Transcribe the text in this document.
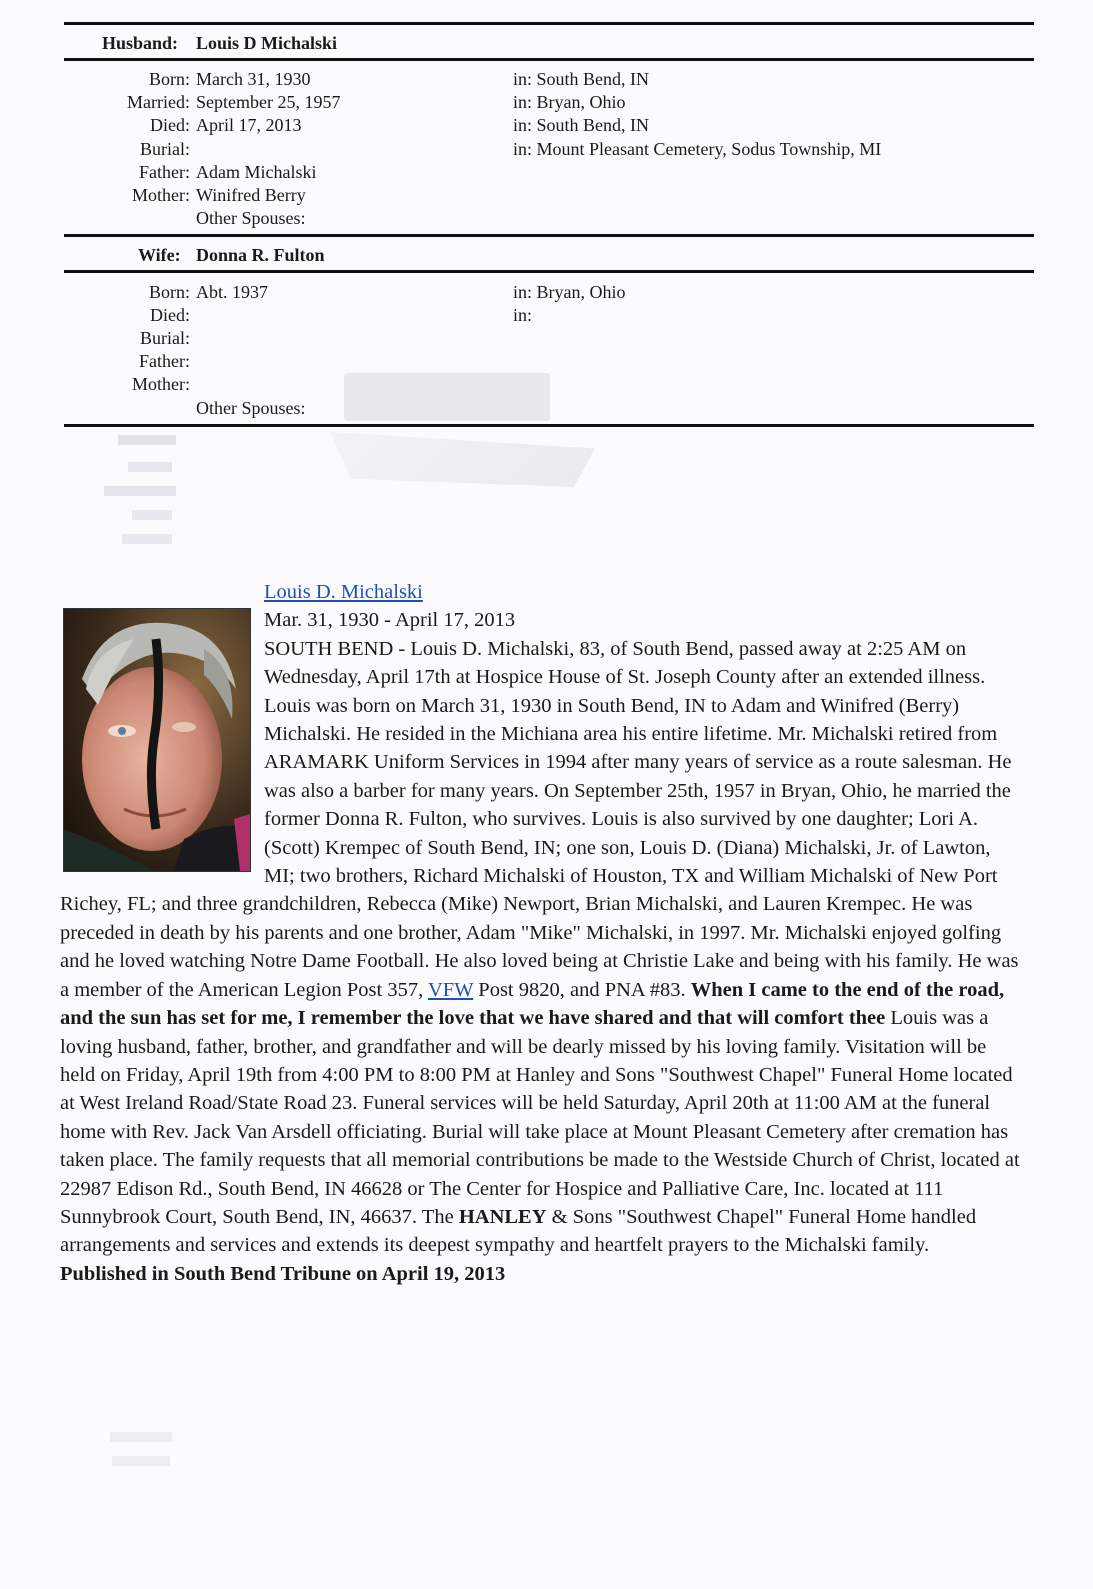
Husband: Louis D Michalski
Born: March 31, 1930	in: South Bend, IN
Married: September 25, 1957	in: Bryan, Ohio
Died: April 17, 2013	in: South Bend, IN
Burial:	in: Mount Pleasant Cemetery, Sodus Township, MI
Father: Adam Michalski
Mother: Winifred Berry
Other Spouses:
Wife: Donna R. Fulton
Born: Abt. 1937	in: Bryan, Ohio
Died:	in:
Burial:
Father:
Mother:
Other Spouses:
Louis D. Michalski
Mar. 31, 1930 - April 17, 2013
SOUTH BEND - Louis D. Michalski, 83, of South Bend, passed away at 2:25 AM on Wednesday, April 17th at Hospice House of St. Joseph County after an extended illness. Louis was born on March 31, 1930 in South Bend, IN to Adam and Winifred (Berry) Michalski. He resided in the Michiana area his entire lifetime. Mr. Michalski retired from ARAMARK Uniform Services in 1994 after many years of service as a route salesman. He was also a barber for many years. On September 25th, 1957 in Bryan, Ohio, he married the former Donna R. Fulton, who survives. Louis is also survived by one daughter; Lori A. (Scott) Krempec of South Bend, IN; one son, Louis D. (Diana) Michalski, Jr. of Lawton, MI; two brothers, Richard Michalski of Houston, TX and William Michalski of New Port Richey, FL; and three grandchildren, Rebecca (Mike) Newport, Brian Michalski, and Lauren Krempec. He was preceded in death by his parents and one brother, Adam "Mike" Michalski, in 1997. Mr. Michalski enjoyed golfing and he loved watching Notre Dame Football. He also loved being at Christie Lake and being with his family. He was a member of the American Legion Post 357, VFW Post 9820, and PNA #83. When I came to the end of the road, and the sun has set for me, I remember the love that we have shared and that will comfort thee Louis was a loving husband, father, brother, and grandfather and will be dearly missed by his loving family. Visitation will be held on Friday, April 19th from 4:00 PM to 8:00 PM at Hanley and Sons "Southwest Chapel" Funeral Home located at West Ireland Road/State Road 23. Funeral services will be held Saturday, April 20th at 11:00 AM at the funeral home with Rev. Jack Van Arsdell officiating. Burial will take place at Mount Pleasant Cemetery after cremation has taken place. The family requests that all memorial contributions be made to the Westside Church of Christ, located at 22987 Edison Rd., South Bend, IN 46628 or The Center for Hospice and Palliative Care, Inc. located at 111 Sunnybrook Court, South Bend, IN, 46637. The HANLEY & Sons "Southwest Chapel" Funeral Home handled arrangements and services and extends its deepest sympathy and heartfelt prayers to the Michalski family.
Published in South Bend Tribune on April 19, 2013
